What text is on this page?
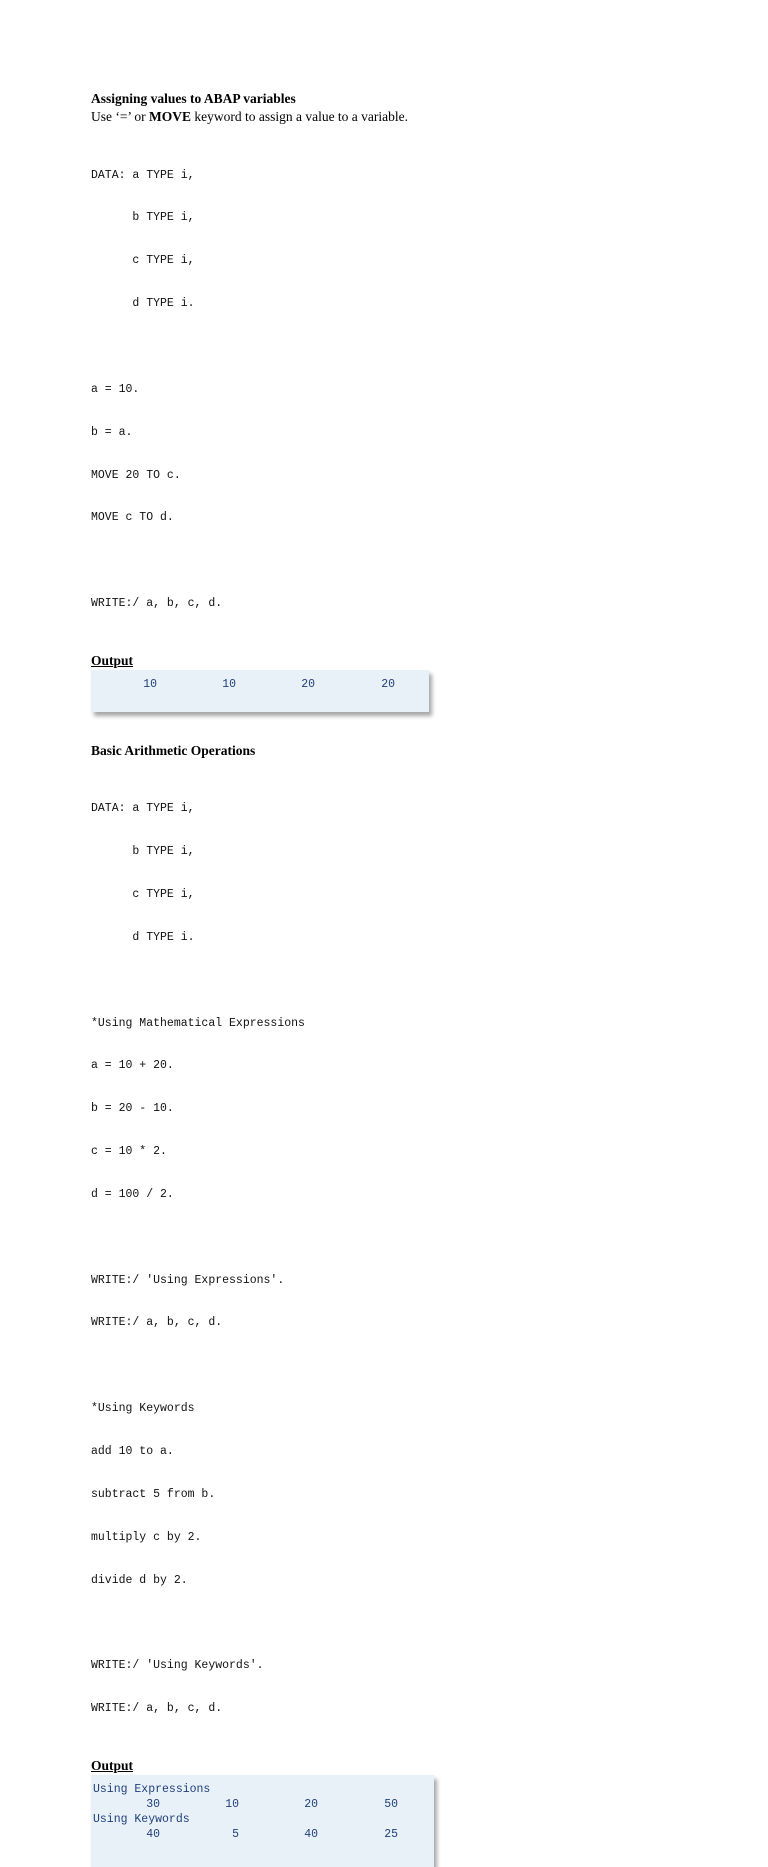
Assigning values to ABAP variables

Use ‘=’ or MOVE keyword to assign a value to a variable.

DATA: a TYPE i,

b TYPE i,

c TYPE i,

d TYPE i.

a = 10.

b = a.

MOVE 20 TO c.

MOVE c TO d.

WRITE:/ a, b, c, d.

Output

10	10	20	20

Basic Arithmetic Operations

DATA: a TYPE i,

b TYPE i,

c TYPE i,

d TYPE i.

*Using Mathematical Expressions

a = 10 + 20.

b = 20 - 10.

c = 10 * 2.

d = 100 / 2.

WRITE:/ 'Using Expressions'.

WRITE:/ a, b, c, d.

*Using Keywords

add 10 to a.

subtract 5 from b.

multiply c by 2.

divide d by 2.

WRITE:/ 'Using Keywords'.

WRITE:/ a, b, c, d.

Output

Using Expressions
30	10	20	50
Using Keywords
40	5	40	25
